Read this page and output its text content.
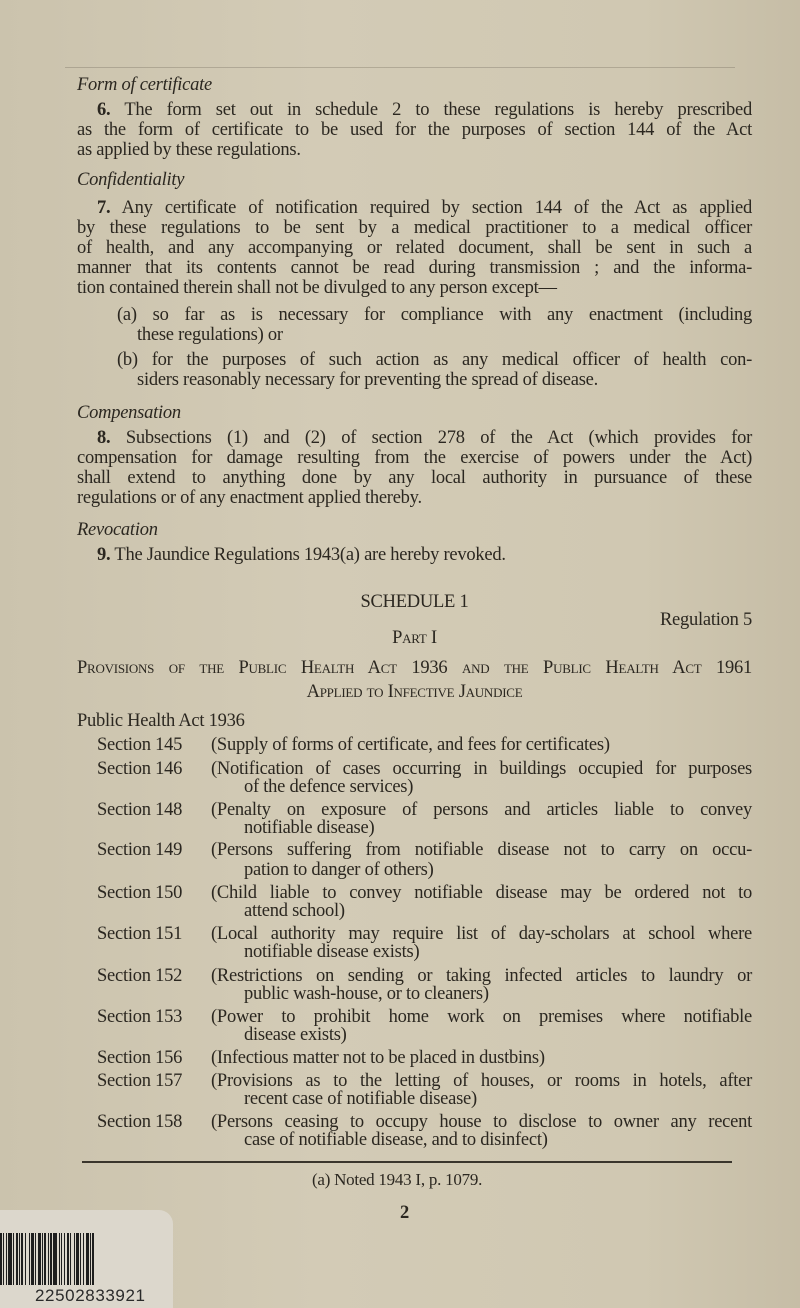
Form of certificate
6. The form set out in schedule 2 to these regulations is hereby prescribed
as the form of certificate to be used for the purposes of section 144 of the Act
as applied by these regulations.
Confidentiality
7. Any certificate of notification required by section 144 of the Act as applied
by these regulations to be sent by a medical practitioner to a medical officer
of health, and any accompanying or related document, shall be sent in such a
manner that its contents cannot be read during transmission ; and the informa-
tion contained therein shall not be divulged to any person except—
(a) so far as is necessary for compliance with any enactment (including
these regulations) or
(b) for the purposes of such action as any medical officer of health con-
siders reasonably necessary for preventing the spread of disease.
Compensation
8. Subsections (1) and (2) of section 278 of the Act (which provides for
compensation for damage resulting from the exercise of powers under the Act)
shall extend to anything done by any local authority in pursuance of these
regulations or of any enactment applied thereby.
Revocation
9. The Jaundice Regulations 1943(a) are hereby revoked.
SCHEDULE 1
Regulation 5
Part I
Provisions of the Public Health Act 1936 and the Public Health Act 1961
Applied to Infective Jaundice
Public Health Act 1936
Section 145 (Supply of forms of certificate, and fees for certificates)
Section 146 (Notification of cases occurring in buildings occupied for purposes
of the defence services)
Section 148 (Penalty on exposure of persons and articles liable to convey
notifiable disease)
Section 149 (Persons suffering from notifiable disease not to carry on occu-
pation to danger of others)
Section 150 (Child liable to convey notifiable disease may be ordered not to
attend school)
Section 151 (Local authority may require list of day-scholars at school where
notifiable disease exists)
Section 152 (Restrictions on sending or taking infected articles to laundry or
public wash-house, or to cleaners)
Section 153 (Power to prohibit home work on premises where notifiable
disease exists)
Section 156 (Infectious matter not to be placed in dustbins)
Section 157 (Provisions as to the letting of houses, or rooms in hotels, after
recent case of notifiable disease)
Section 158 (Persons ceasing to occupy house to disclose to owner any recent
case of notifiable disease, and to disinfect)
(a) Noted 1943 I, p. 1079.
2
22502833921
